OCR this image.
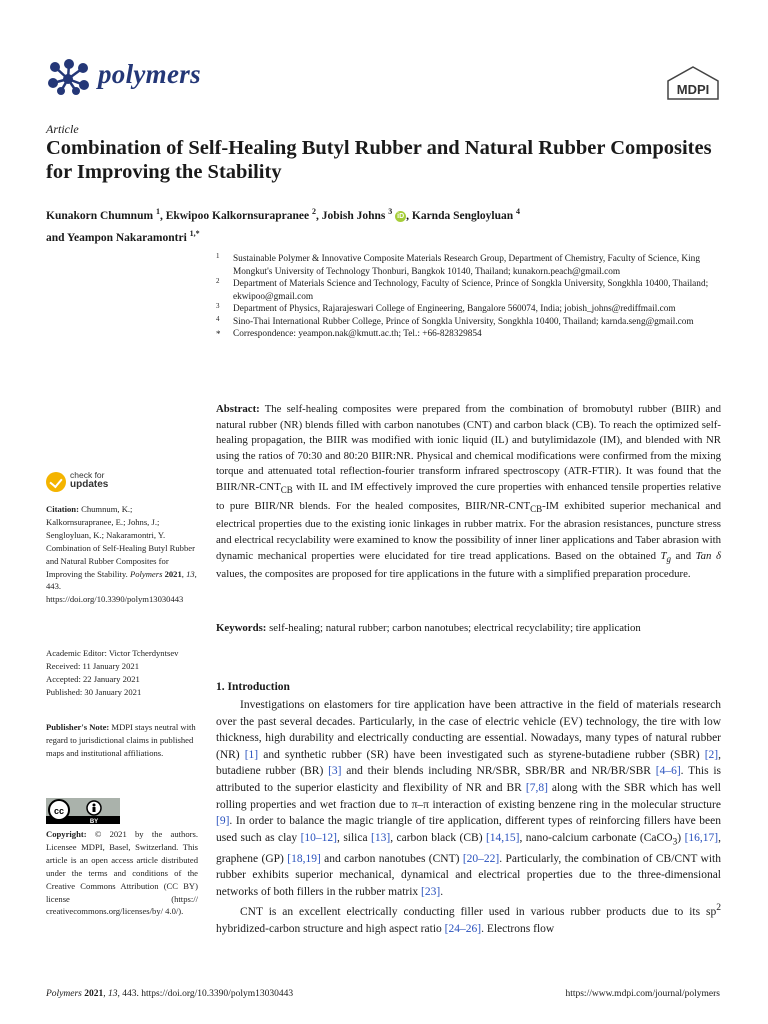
polymers
MDPI
Article
Combination of Self-Healing Butyl Rubber and Natural Rubber Composites for Improving the Stability
Kunakorn Chumnum $^1$, Ekwipoo Kalkornsurapranee $^2$, Jobish Johns $^3$ iD , Karnda Sengloyluan $^4$
and Yeampon Nakaramontri $^{1,*}$
1 Sustainable Polymer & Innovative Composite Materials Research Group, Department of Chemistry, Faculty of Science, King Mongkut's University of Technology Thonburi, Bangkok 10140, Thailand; kunakorn.peach@gmail.com
2 Department of Materials Science and Technology, Faculty of Science, Prince of Songkla University, Songkhla 10400, Thailand; ekwipoo@gmail.com
3 Department of Physics, Rajarajeswari College of Engineering, Bangalore 560074, India; jobish_johns@rediffmail.com
4 Sino-Thai International Rubber College, Prince of Songkla University, Songkhla 10400, Thailand; karnda.seng@gmail.com
* Correspondence: yeampon.nak@kmutt.ac.th; Tel.: +66-828329854
Abstract: The self-healing composites were prepared from the combination of bromobutyl rubber (BIIR) and natural rubber (NR) blends filled with carbon nanotubes (CNT) and carbon black (CB). To reach the optimized self-healing propagation, the BIIR was modified with ionic liquid (IL) and butylimidazole (IM), and blended with NR using the ratios of 70:30 and 80:20 BIIR:NR. Physical and chemical modifications were confirmed from the mixing torque and attenuated total reflection-fourier transform infrared spectroscopy (ATR-FTIR). It was found that the BIIR/$NR-CNT_{CB}$ with IL and IM effectively improved the cure properties with enhanced tensile properties relative to pure BIIR/NR blends. For the healed composites, BIIR/$NR-CNT_{CB}-IM$ exhibited superior mechanical and electrical properties due to the existing ionic linkages in rubber matrix. For the abrasion resistances, puncture stress and electrical recyclability were examined to know the possibility of inner liner applications and Taber abrasion with dynamic mechanical properties were elucidated for tire tread applications. Based on the obtained $T_g$ and Tan δ values, the composites are proposed for tire applications in the future with a simplified preparation procedure.
Keywords: self-healing; natural rubber; carbon nanotubes; electrical recyclability; tire application
check for
updates
Citation: Chumnum, K.; Kalkornsurapranee, E.; Johns, J.; Sengloyluan, K.; Nakaramontri, Y. Combination of Self-Healing Butyl Rubber and Natural Rubber Composites for Improving the Stability. Polymers 2021, 13, 443. https://doi.org/10.3390/polym13030443
Academic Editor: Victor Tcherdyntsev
Received: 11 January 2021
Accepted: 22 January 2021
Published: 30 January 2021
Publisher's Note: MDPI stays neutral with regard to jurisdictional claims in published maps and institutional affiliations.
cc
BY
Copyright: © 2021 by the authors. Licensee MDPI, Basel, Switzerland. This article is an open access article distributed under the terms and conditions of the Creative Commons Attribution (CC BY) license (https:// creativecommons.org/licenses/by/ 4.0/).
1. Introduction

Investigations on elastomers for tire application have been attractive in the field of materials research over the past several decades. Particularly, in the case of electric vehicle (EV) technology, the tire with low thickness, high durability and electrically conducting are essential. Nowadays, many types of natural rubber (NR) [1] and synthetic rubber (SR) have been investigated such as styrene-butadiene rubber (SBR) [2], butadiene rubber (BR) [3] and their blends including NR/SBR, SBR/BR and NR/BR/SBR [4–6]. This is attributed to the superior elasticity and flexibility of NR and BR [7,8] along with the SBR which has well rolling properties and wet fraction due to π–π interaction of existing benzene ring in the molecular structure [9]. In order to balance the magic triangle of tire application, different types of reinforcing fillers have been used such as clay [10–12], silica [13], carbon black (CB) [14,15], nano-calcium carbonate (CaCO$_3$) [16,17], graphene (GP) [18,19] and carbon nanotubes (CNT) [20–22]. Particularly, the combination of CB/CNT with rubber exhibits superior mechanical, dynamical and electrical properties due to the three-dimensional networks of both fillers in the rubber matrix [23].

CNT is an excellent electrically conducting filler used in various rubber products due to its $sp^2$ hybridized-carbon structure and high aspect ratio [24–26]. Electrons flow

Polymers 2021, 13, 443. https://doi.org/10.3390/polym13030443	https://www.mdpi.com/journal/polymers
